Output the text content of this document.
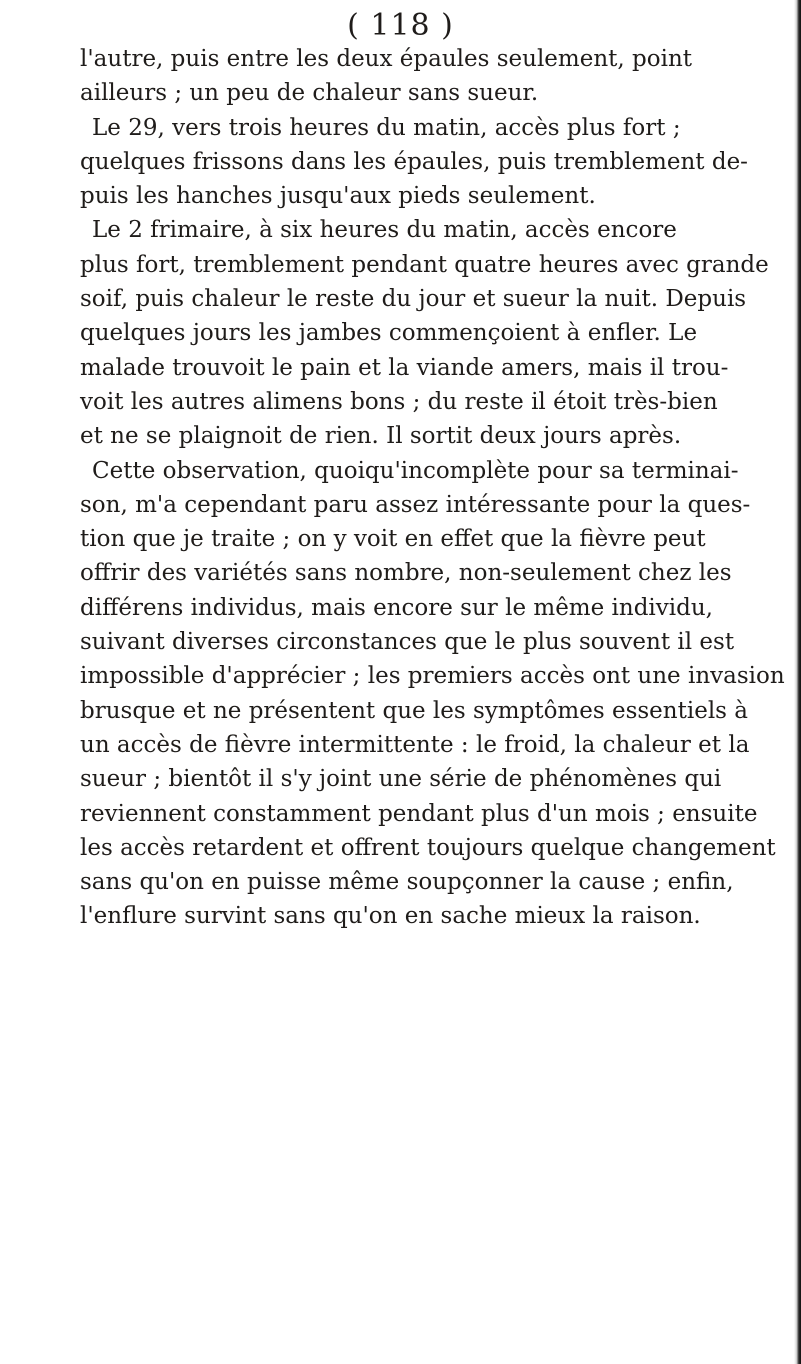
( 118 )
l'autre, puis entre les deux épaules seulement, point
ailleurs ; un peu de chaleur sans sueur.
Le 29, vers trois heures du matin, accès plus fort ;
quelques frissons dans les épaules, puis tremblement de-
puis les hanches jusqu'aux pieds seulement.
Le 2 frimaire, à six heures du matin, accès encore
plus fort, tremblement pendant quatre heures avec grande
soif, puis chaleur le reste du jour et sueur la nuit. Depuis
quelques jours les jambes commençoient à enfler. Le
malade trouvoit le pain et la viande amers, mais il trou-
voit les autres alimens bons ; du reste il étoit très-bien
et ne se plaignoit de rien. Il sortit deux jours après.
Cette observation, quoiqu'incomplète pour sa terminai-
son, m'a cependant paru assez intéressante pour la ques-
tion que je traite ; on y voit en effet que la fièvre peut
offrir des variétés sans nombre, non-seulement chez les
différens individus, mais encore sur le même individu,
suivant diverses circonstances que le plus souvent il est
impossible d'apprécier ; les premiers accès ont une invasion
brusque et ne présentent que les symptômes essentiels à
un accès de fièvre intermittente : le froid, la chaleur et la
sueur ; bientôt il s'y joint une série de phénomènes qui
reviennent constamment pendant plus d'un mois ; ensuite
les accès retardent et offrent toujours quelque changement
sans qu'on en puisse même soupçonner la cause ; enfin,
l'enflure survint sans qu'on en sache mieux la raison.
